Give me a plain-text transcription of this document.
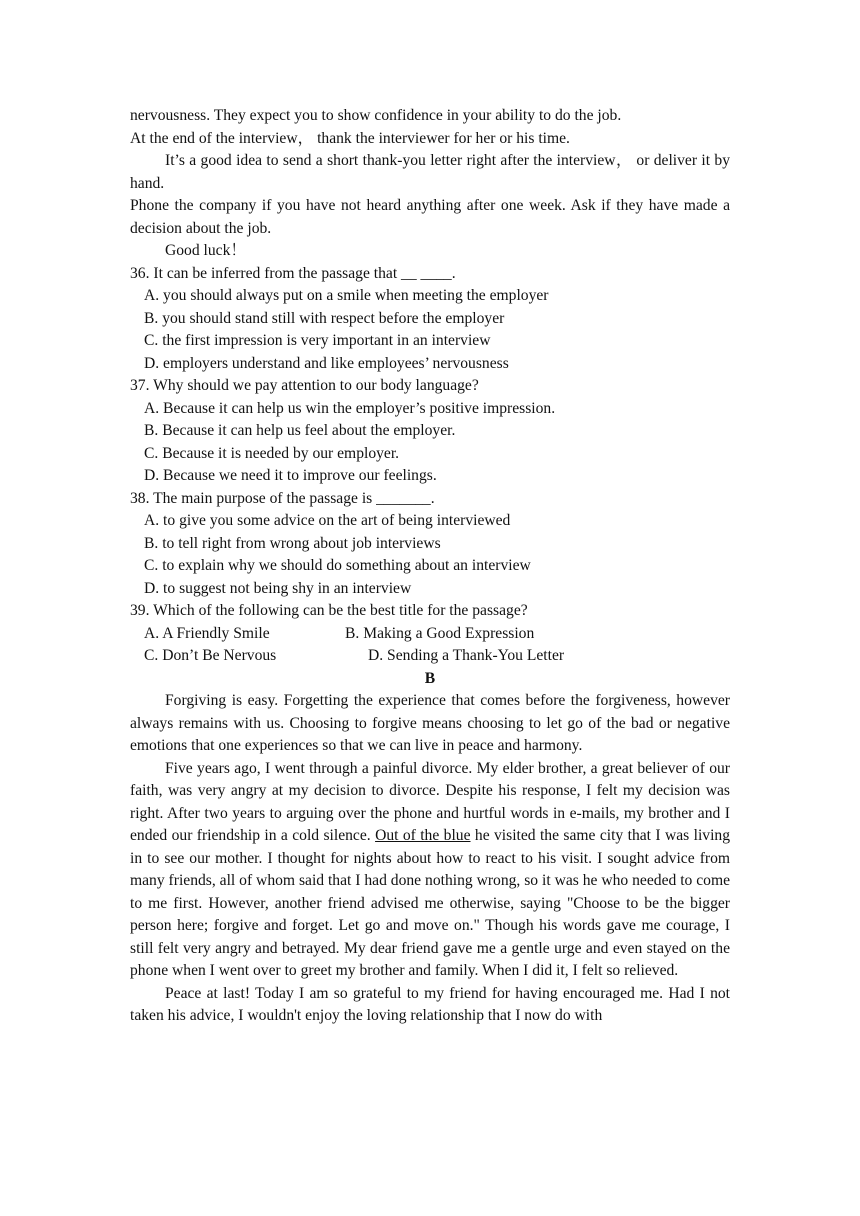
nervousness. They expect you to show confidence in your ability to do the job.

At the end of the interview， thank the interviewer for her or his time.

It’s a good idea to send a short thank-you letter right after the interview， or deliver it by hand.

Phone the company if you have not heard anything after one week. Ask if they have made a decision about the job.

Good luck！

36. It can be inferred from the passage that __ ____.

A. you should always put on a smile when meeting the employer

B. you should stand still with respect before the employer

C. the first impression is very important in an interview

D. employers understand and like employees’ nervousness

37. Why should we pay attention to our body language?

A. Because it can help us win the employer’s positive impression.

B. Because it can help us feel about the employer.

C. Because it is needed by our employer.

D. Because we need it to improve our feelings.

38. The main purpose of the passage is _______.

A. to give you some advice on the art of being interviewed

B. to tell right from wrong about job interviews

C. to explain why we should do something about an interview

D. to suggest not being shy in an interview

39. Which of the following can be the best title for the passage?

A. A Friendly Smile	B. Making a Good Expression
C. Don’t Be Nervous	D. Sending a Thank-You Letter

B

Forgiving is easy. Forgetting the experience that comes before the forgiveness, however always remains with us. Choosing to forgive means choosing to let go of the bad or negative emotions that one experiences so that we can live in peace and harmony.

Five years ago, I went through a painful divorce. My elder brother, a great believer of our faith, was very angry at my decision to divorce. Despite his response, I felt my decision was right. After two years to arguing over the phone and hurtful words in e-mails, my brother and I ended our friendship in a cold silence. Out of the blue he visited the same city that I was living in to see our mother. I thought for nights about how to react to his visit. I sought advice from many friends, all of whom said that I had done nothing wrong, so it was he who needed to come to me first. However, another friend advised me otherwise, saying "Choose to be the bigger person here; forgive and forget. Let go and move on." Though his words gave me courage, I still felt very angry and betrayed. My dear friend gave me a gentle urge and even stayed on the phone when I went over to greet my brother and family. When I did it, I felt so relieved.

Peace at last! Today I am so grateful to my friend for having encouraged me. Had I not taken his advice, I wouldn't enjoy the loving relationship that I now do with
